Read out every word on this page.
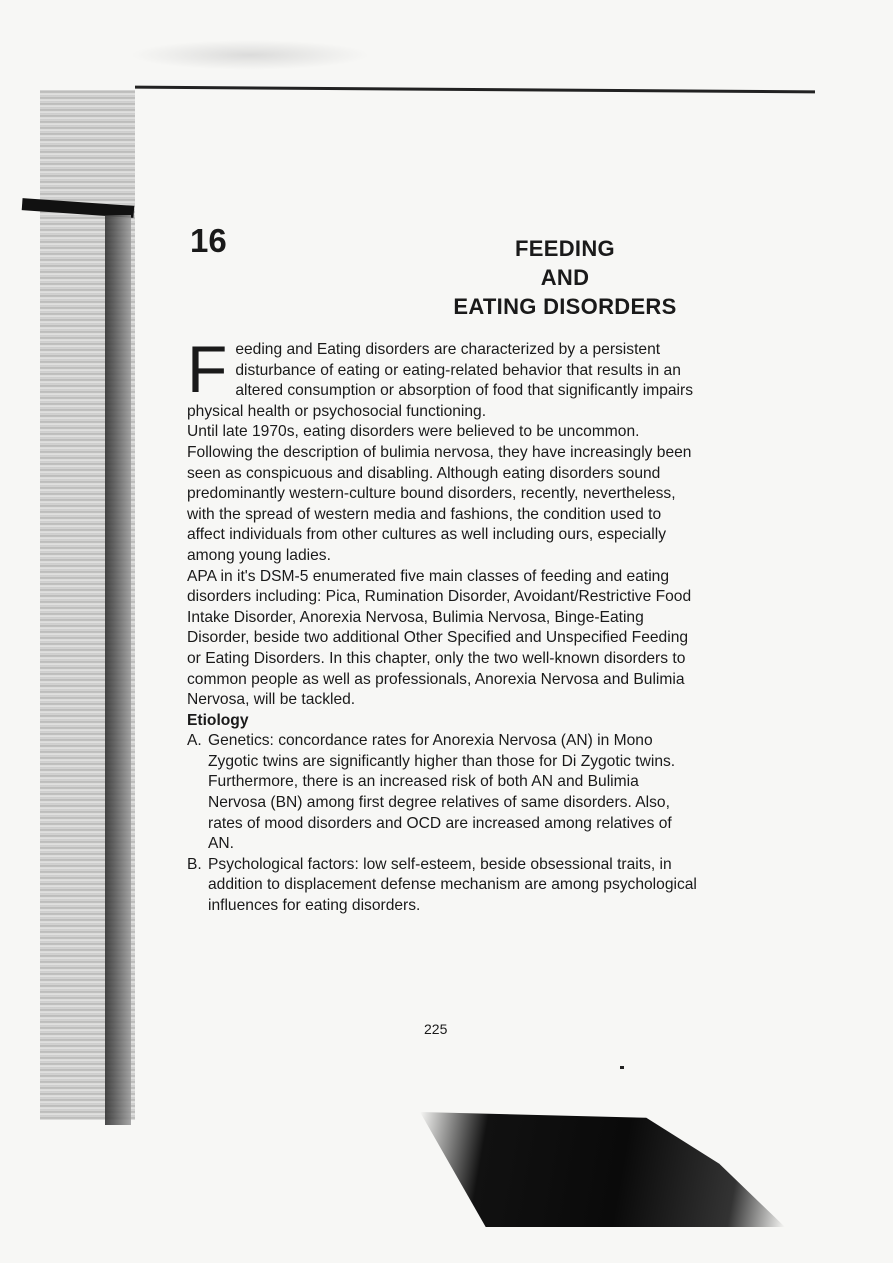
16	FEEDING
AND
EATING DISORDERS

F eeding and Eating disorders are characterized by a persistent disturbance of eating or eating-related behavior that results in an altered consumption or absorption of food that significantly impairs physical health or psychosocial functioning.

Until late 1970s, eating disorders were believed to be uncommon. Following the description of bulimia nervosa, they have increasingly been seen as conspicuous and disabling. Although eating disorders sound predominantly western-culture bound disorders, recently, nevertheless, with the spread of western media and fashions, the condition used to affect individuals from other cultures as well including ours, especially among young ladies.

APA in it's DSM-5 enumerated five main classes of feeding and eating disorders including: Pica, Rumination Disorder, Avoidant/Restrictive Food Intake Disorder, Anorexia Nervosa, Bulimia Nervosa, Binge-Eating Disorder, beside two additional Other Specified and Unspecified Feeding or Eating Disorders. In this chapter, only the two well-known disorders to common people as well as professionals, Anorexia Nervosa and Bulimia Nervosa, will be tackled.

Etiology

A. Genetics: concordance rates for Anorexia Nervosa (AN) in Mono Zygotic twins are significantly higher than those for Di Zygotic twins. Furthermore, there is an increased risk of both AN and Bulimia Nervosa (BN) among first degree relatives of same disorders. Also, rates of mood disorders and OCD are increased among relatives of AN.
B. Psychological factors: low self-esteem, beside obsessional traits, in addition to displacement defense mechanism are among psychological influences for eating disorders.
225
